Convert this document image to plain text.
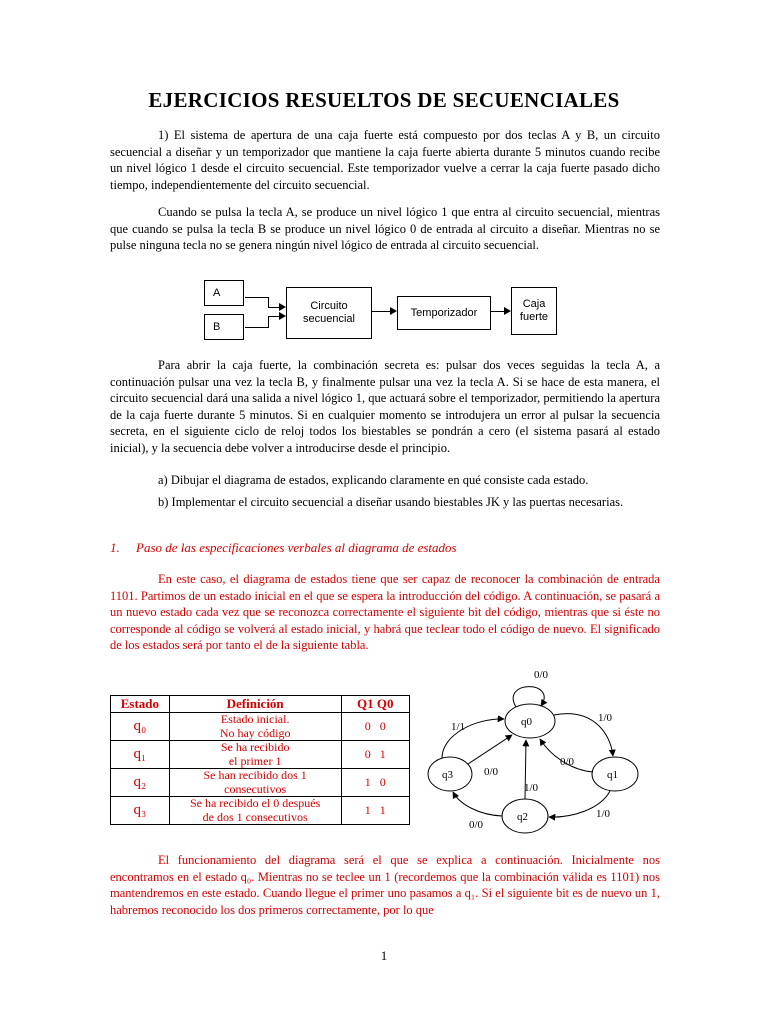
EJERCICIOS RESUELTOS DE SECUENCIALES

1) El sistema de apertura de una caja fuerte está compuesto por dos teclas A y B, un circuito secuencial a diseñar y un temporizador que mantiene la caja fuerte abierta durante 5 minutos cuando recibe un nivel lógico 1 desde el circuito secuencial. Este temporizador vuelve a cerrar la caja fuerte pasado dicho tiempo, independientemente del circuito secuencial.

Cuando se pulsa la tecla A, se produce un nivel lógico 1 que entra al circuito secuencial, mientras que cuando se pulsa la tecla B se produce un nivel lógico 0 de entrada al circuito a diseñar. Mientras no se pulse ninguna tecla no se genera ningún nivel lógico de entrada al circuito secuencial.

A
B
Circuito secuencial
Temporizador
Caja fuerte

Para abrir la caja fuerte, la combinación secreta es: pulsar dos veces seguidas la tecla A, a continuación pulsar una vez la tecla B, y finalmente pulsar una vez la tecla A. Si se hace de esta manera, el circuito secuencial dará una salida a nivel lógico 1, que actuará sobre el temporizador, permitiendo la apertura de la caja fuerte durante 5 minutos. Si en cualquier momento se introdujera un error al pulsar la secuencia secreta, en el siguiente ciclo de reloj todos los biestables se pondrán a cero (el sistema pasará al estado inicial), y la secuencia debe volver a introducirse desde el principio.

a) Dibujar el diagrama de estados, explicando claramente en qué consiste cada estado.

b) Implementar el circuito secuencial a diseñar usando biestables JK y las puertas necesarias.

1. Paso de las especificaciones verbales al diagrama de estados

En este caso, el diagrama de estados tiene que ser capaz de reconocer la combinación de entrada 1101. Partimos de un estado inicial en el que se espera la introducción del código. A continuación, se pasará a un nuevo estado cada vez que se reconozca correctamente el siguiente bit del código, mientras que si éste no corresponde al código se volverá al estado inicial, y habrá que teclear todo el código de nuevo. El significado de los estados será por tanto el de la siguiente tabla.

Estado	Definición	Q1 Q0
q₀	Estado inicial.
No hay código	0   0
q₁	Se ha recibido
el primer 1	0   1
q₂	Se han recibido dos 1
consecutivos	1   0
q₃	Se ha recibido el 0 después
de dos 1 consecutivos	1   1
q0
q1
q2
q3
0/0
1/0
0/0
1/0
1/0
0/0
1/1
0/0

El funcionamiento del diagrama será el que se explica a continuación. Inicialmente nos encontramos en el estado q₀. Mientras no se teclee un 1 (recordemos que la combinación válida es 1101) nos mantendremos en este estado. Cuando llegue el primer uno pasamos a q₁. Si el siguiente bit es de nuevo un 1, habremos reconocido los dos primeros correctamente, por lo que

1
